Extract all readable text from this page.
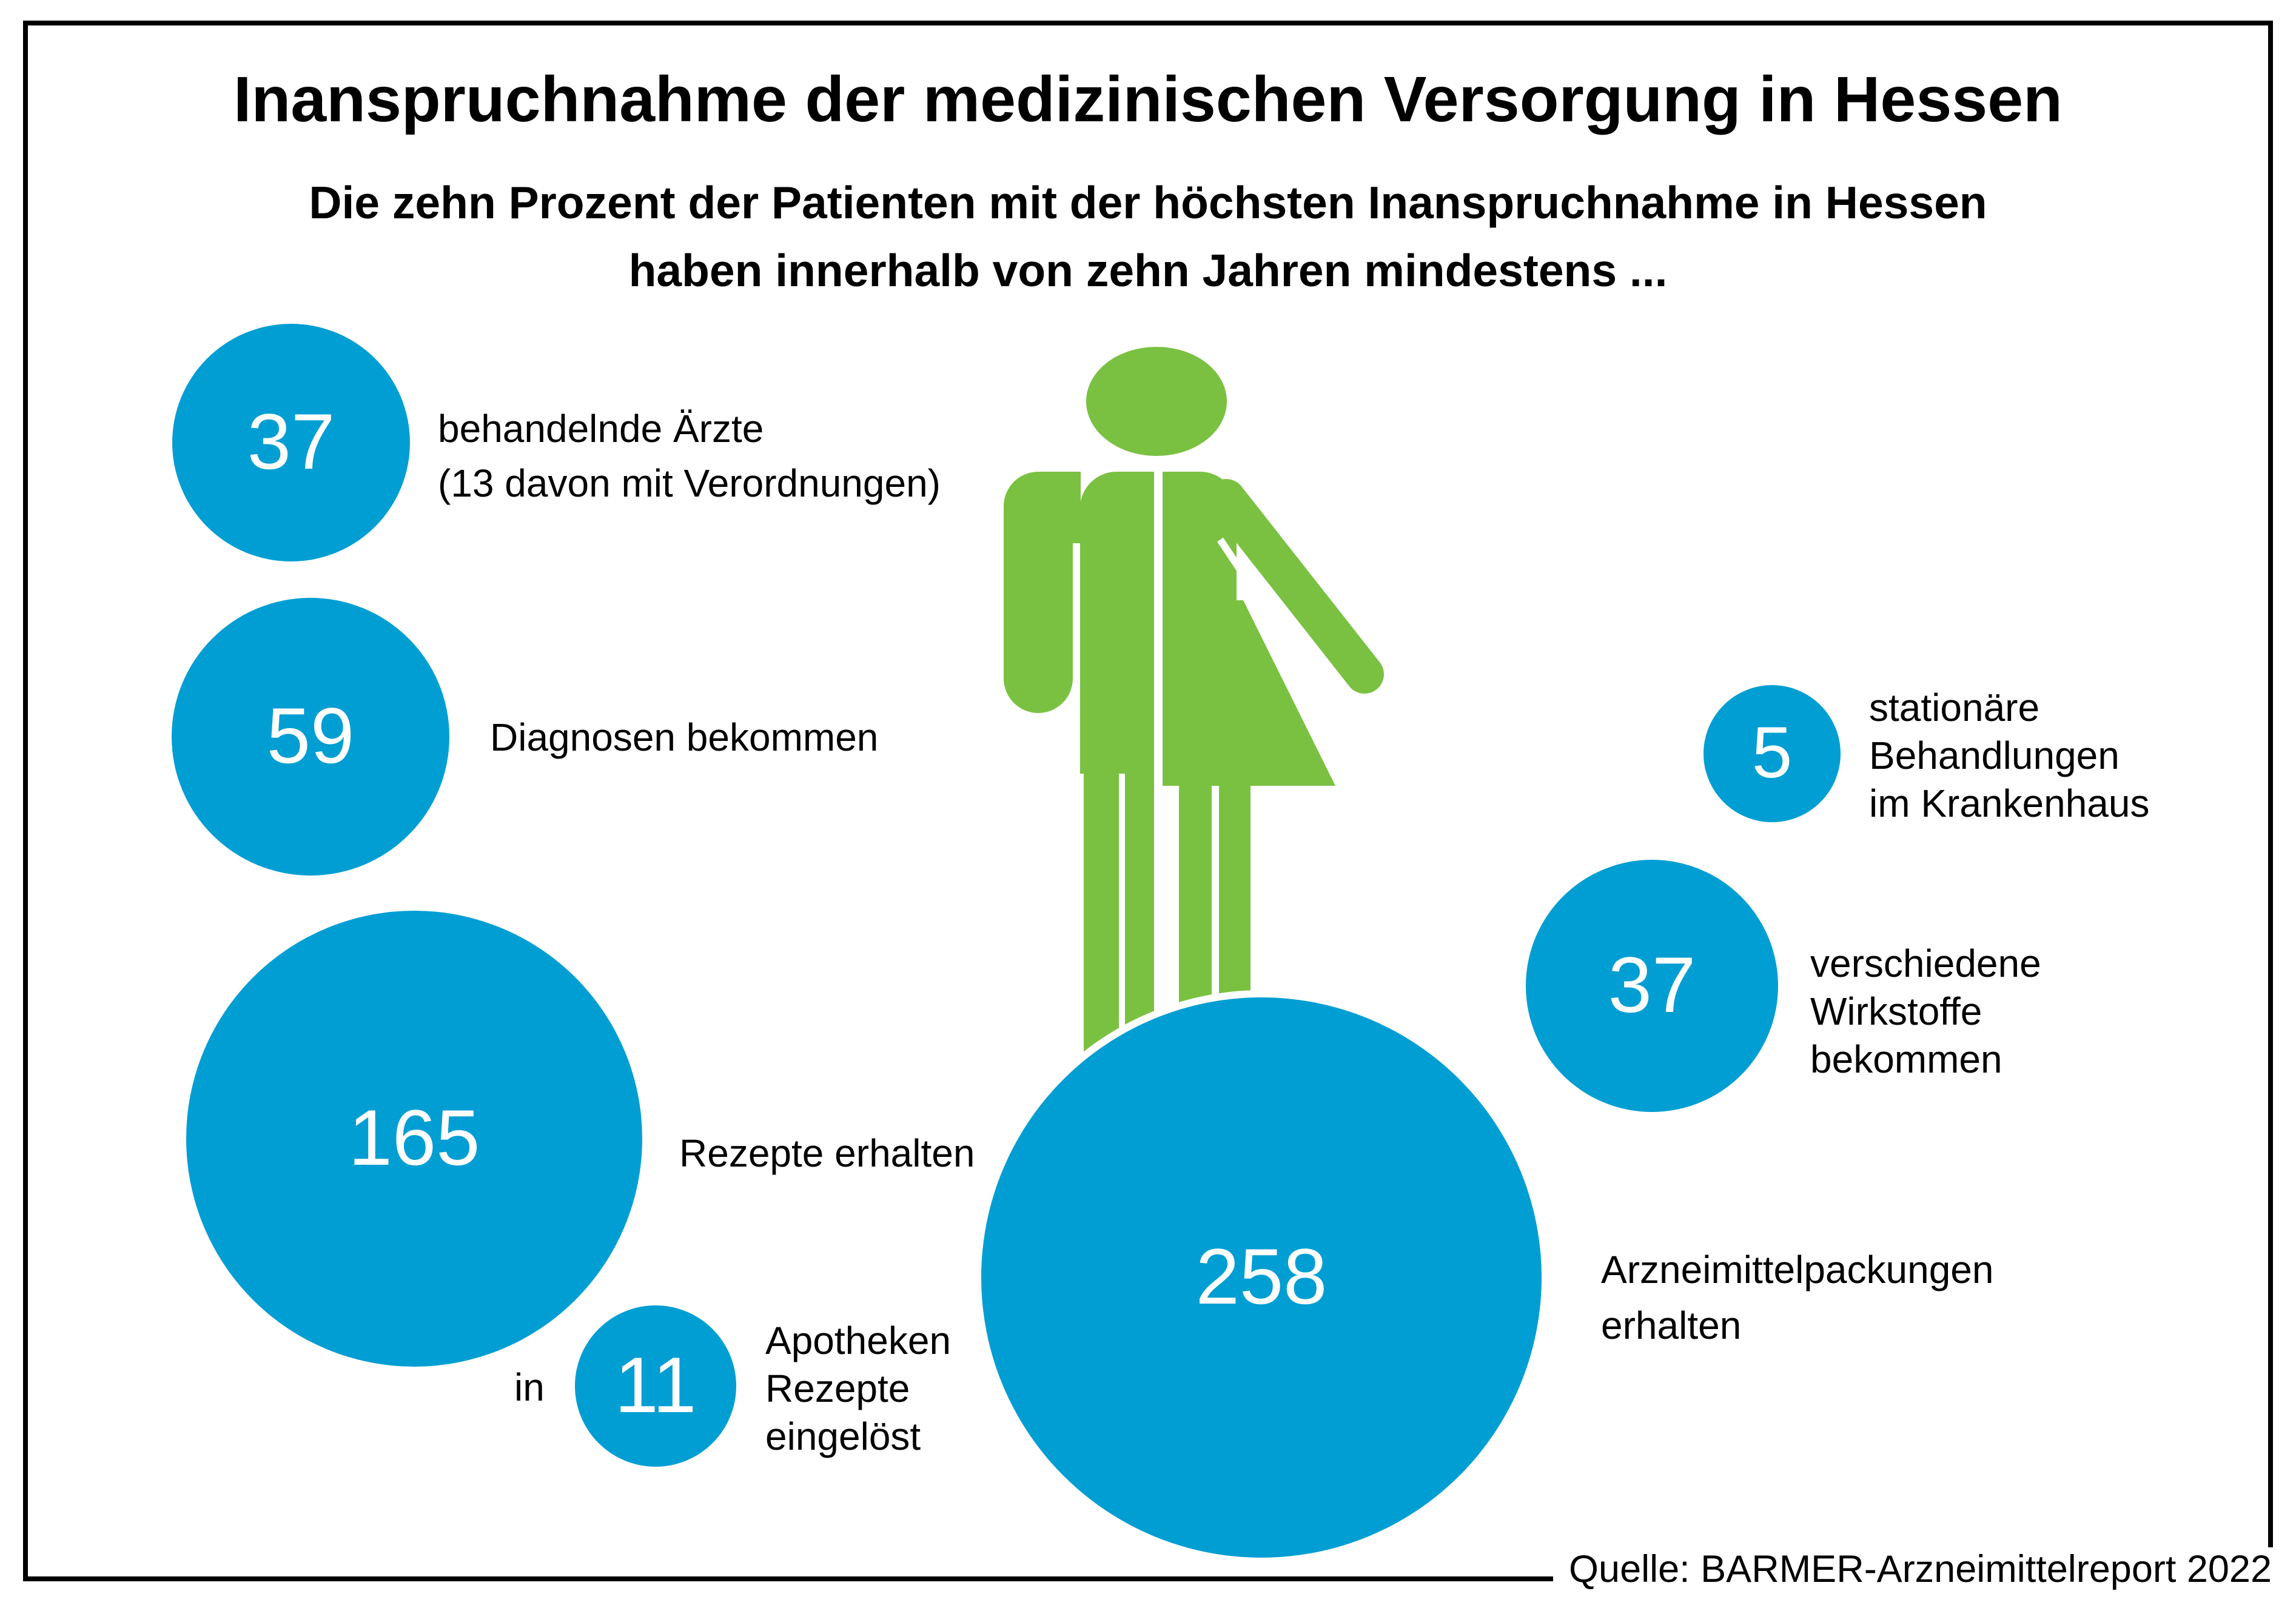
Inanspruchnahme der medizinischen Versorgung in Hessen
Die zehn Prozent der Patienten mit der höchsten Inanspruchnahme in Hessen
haben innerhalb von zehn Jahren mindestens ...
37
59
165
11
258
5
37
behandelnde Ärzte
(13 davon mit Verordnungen)
Diagnosen bekommen
Rezepte erhalten
in
Apotheken
Rezepte
eingelöst
Arzneimittelpackungen
erhalten
stationäre
Behandlungen
im Krankenhaus
verschiedene
Wirkstoffe
bekommen
Quelle: BARMER-Arzneimittelreport 2022
